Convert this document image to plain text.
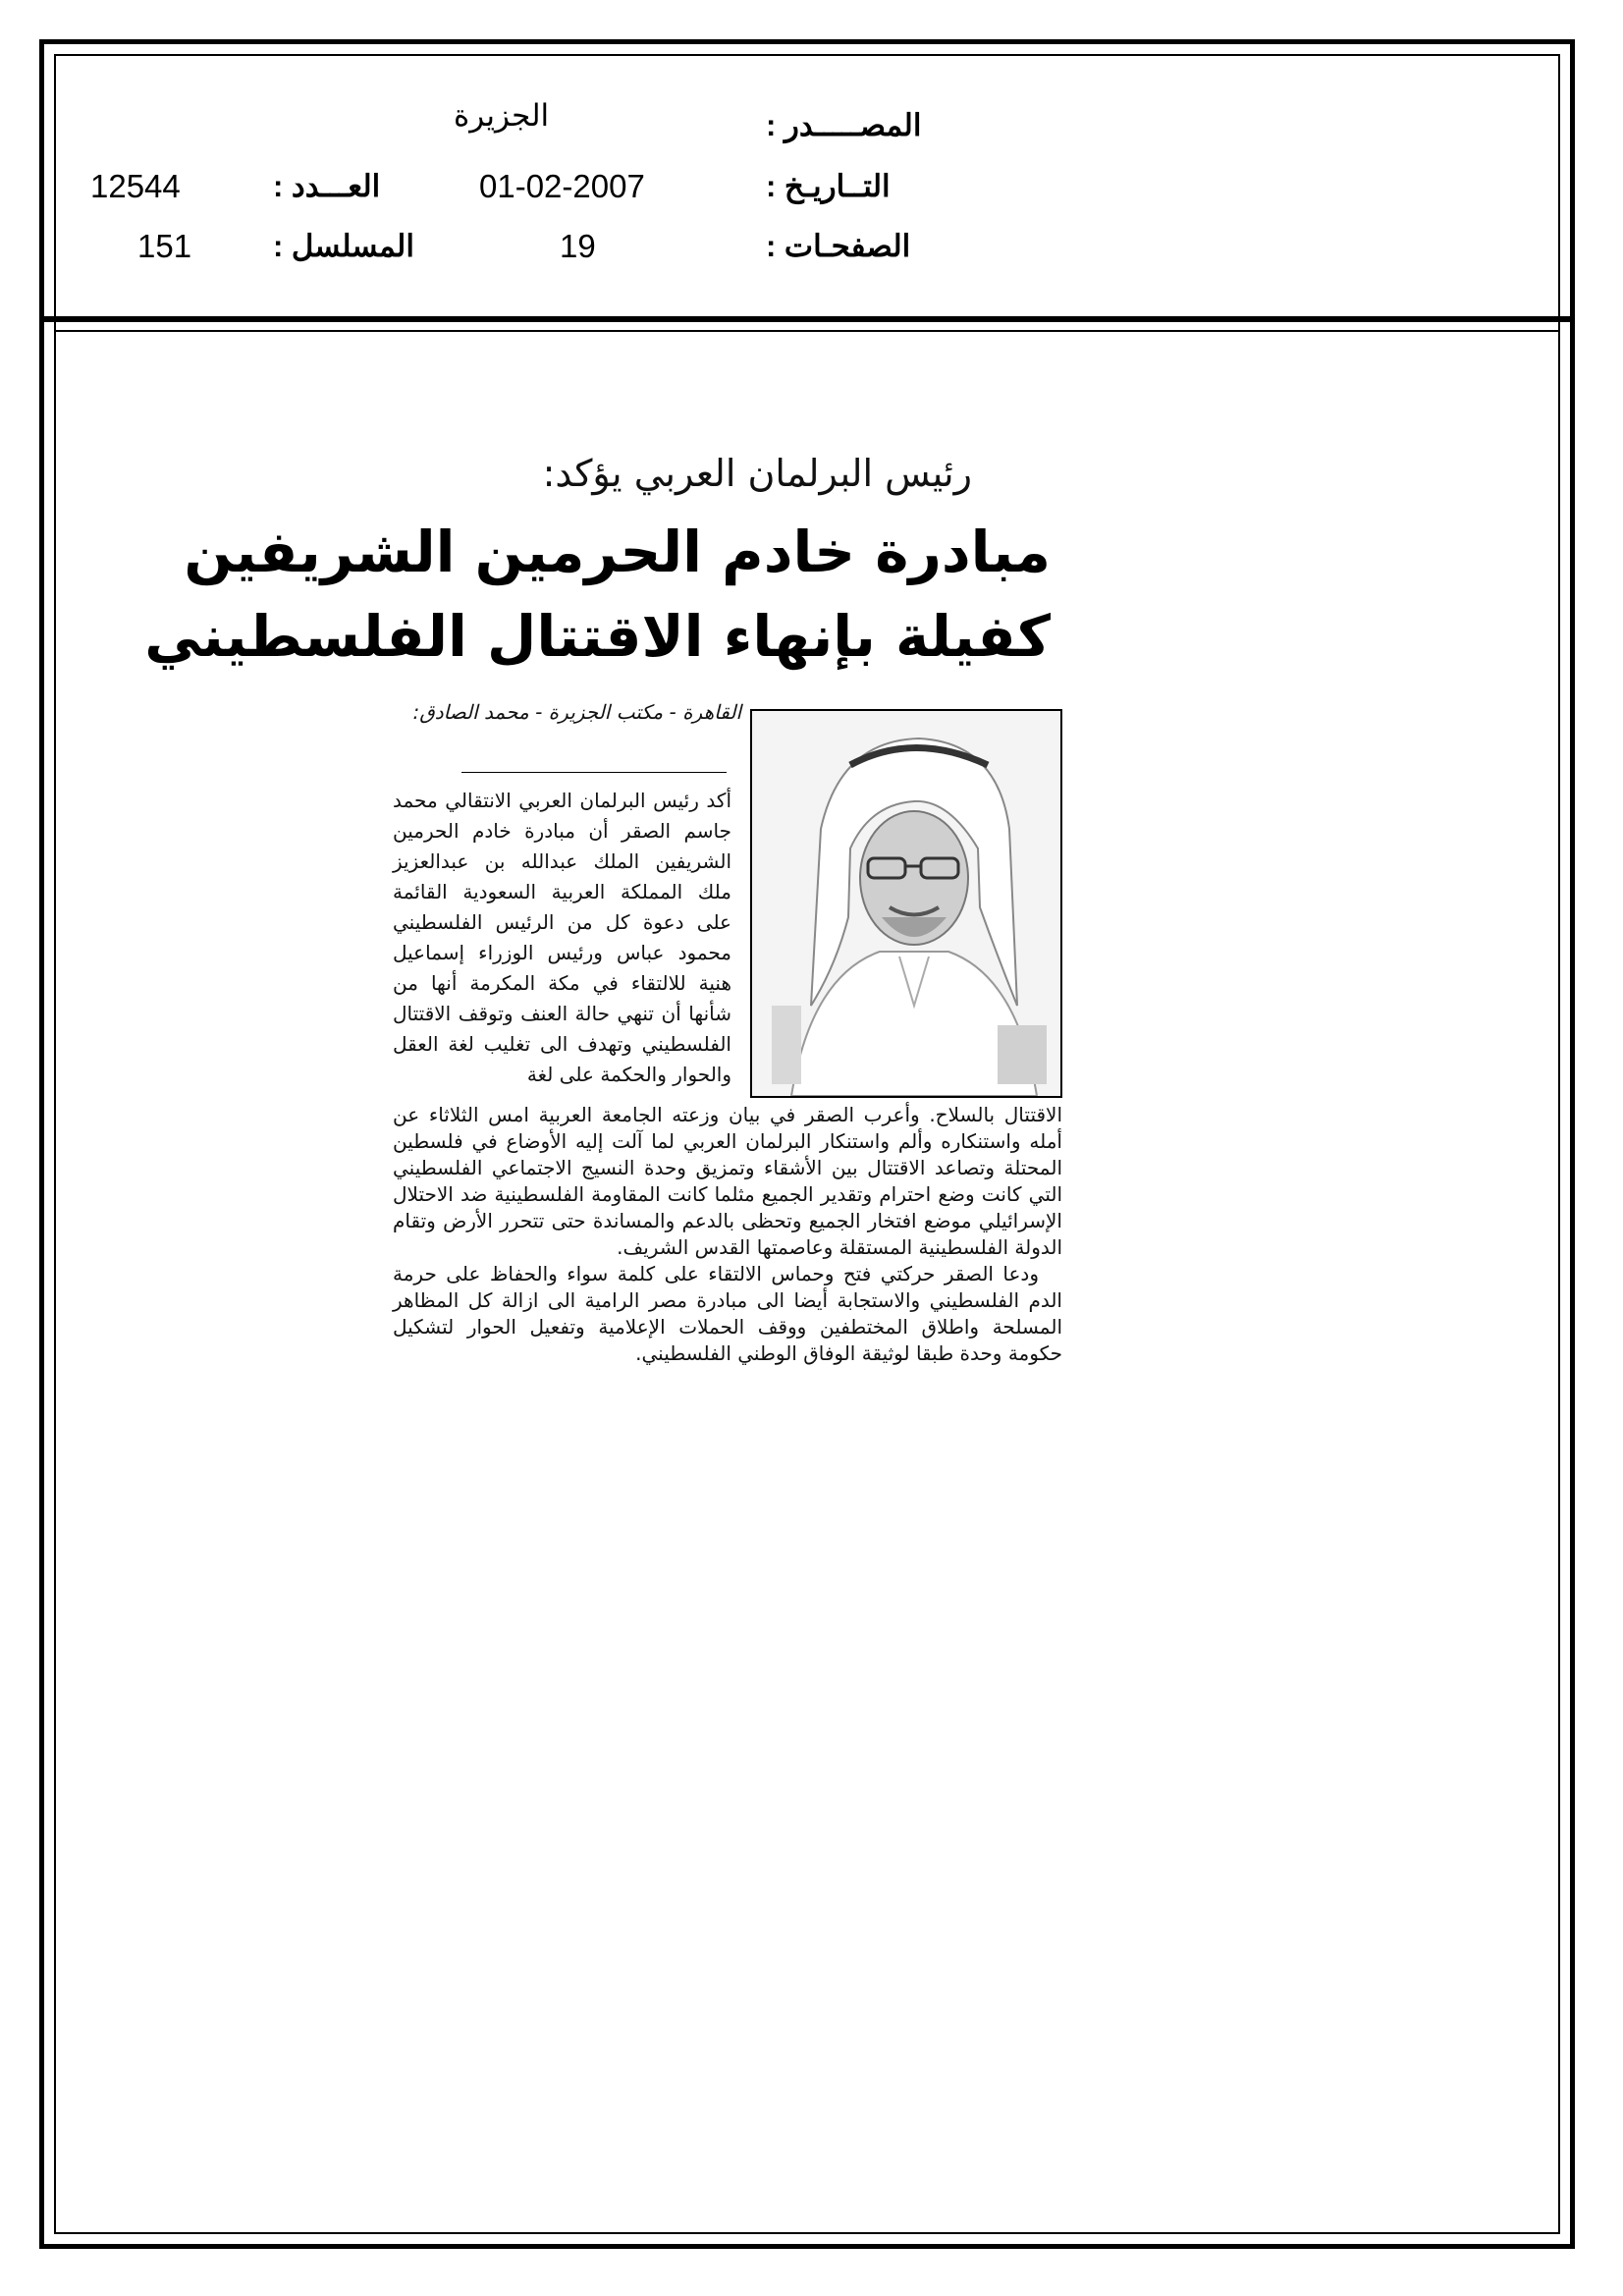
المصـــــدر :
الجزيرة
التــاريـخ :
01-02-2007
الصفحـات :
19
العـــدد :
12544
المسلسل :
151
رئيس البرلمان العربي يؤكد:
مبادرة خادم الحرمين الشريفين
كفيلة بإنهاء الاقتتال الفلسطيني
القاهرة - مكتب الجزيرة - محمد الصادق:
أكد رئيس البرلمان العربي الانتقالي محمد جاسم الصقر أن مبادرة خادم الحرمين الشريفين الملك عبدالله بن عبدالعزيز ملك المملكة العربية السعودية القائمة على دعوة كل من الرئيس الفلسطيني محمود عباس ورئيس الوزراء إسماعيل هنية للالتقاء في مكة المكرمة أنها من شأنها أن تنهي حالة العنف وتوقف الاقتتال الفلسطيني وتهدف الى تغليب لغة العقل والحوار والحكمة على لغة

الاقتتال بالسلاح. وأعرب الصقر في بيان وزعته الجامعة العربية امس الثلاثاء عن أمله واستنكاره وألم واستنكار البرلمان العربي لما آلت إليه الأوضاع في فلسطين المحتلة وتصاعد الاقتتال بين الأشقاء وتمزيق وحدة النسيج الاجتماعي الفلسطيني التي كانت وضع احترام وتقدير الجميع مثلما كانت المقاومة الفلسطينية ضد الاحتلال الإسرائيلي موضع افتخار الجميع وتحظى بالدعم والمساندة حتى تتحرر الأرض وتقام الدولة الفلسطينية المستقلة وعاصمتها القدس الشريف.

ودعا الصقر حركتي فتح وحماس الالتقاء على كلمة سواء والحفاظ على حرمة الدم الفلسطيني والاستجابة أيضا الى مبادرة مصر الرامية الى ازالة كل المظاهر المسلحة واطلاق المختطفين ووقف الحملات الإعلامية وتفعيل الحوار لتشكيل حكومة وحدة طبقا لوثيقة الوفاق الوطني الفلسطيني.
